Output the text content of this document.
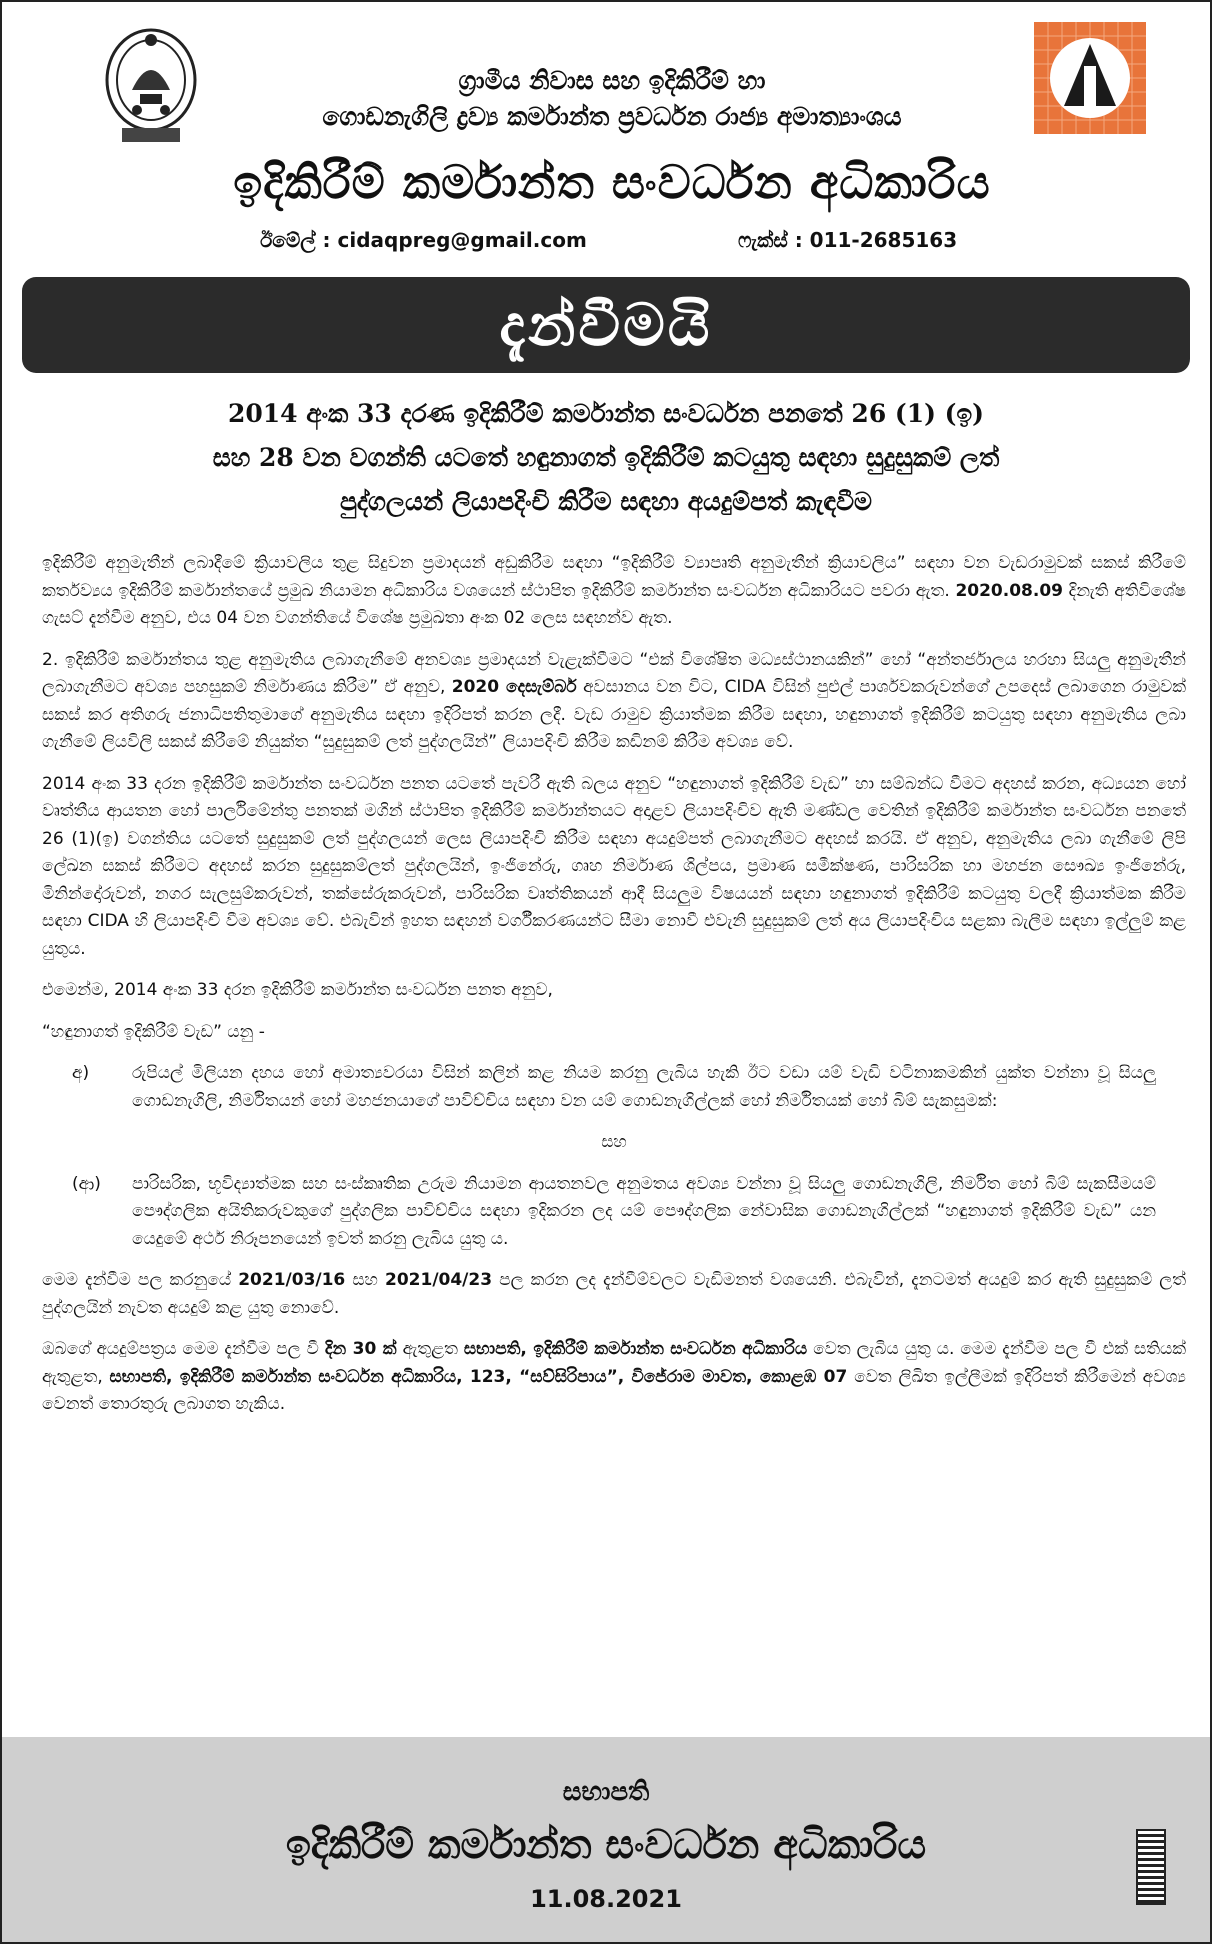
ග්‍රාමීය නිවාස සහ ඉදිකිරීම් හා
ගොඩනැගිලි ද්‍රව්‍ය කර්මාන්ත ප්‍රවර්ධන රාජ්‍ය අමාත්‍යාංශය
ඉදිකිරීම් කර්මාන්ත සංවර්ධන අධිකාරිය
ඊමේල් : cidaqpreg@gmail.com	ෆැක්ස් : 011-2685163
දැන්වීමයි
2014 අංක 33 දරණ ඉදිකිරීම් කර්මාන්ත සංවර්ධන පනතේ 26 (1) (ඉ)
සහ 28 වන වගන්ති යටතේ හඳුනාගත් ඉදිකිරීම් කටයුතු සඳහා සුදුසුකම් ලත්
පුද්ගලයන් ලියාපදිංචි කිරීම සඳහා අයදුම්පත් කැඳවීම

ඉදිකිරීම් අනුමැතීන් ලබාදීමේ ක්‍රියාවලිය තුළ සිදුවන ප්‍රමාදයන් අඩුකිරීම සඳහා “ඉදිකිරීම් ව්‍යාපෘති අනුමැතීන් ක්‍රියාවලිය” සඳහා වන වැඩරාමුවක් සකස් කිරීමේ කර්තව්‍යය ඉදිකිරීම් කර්මාන්තයේ ප්‍රමුඛ නියාමන අධිකාරිය වශයෙන් ස්ථාපිත ඉදිකිරීම් කර්මාන්ත සංවර්ධන අධිකාරියට පවරා ඇත. 2020.08.09 දිනැති අතිවිශේෂ ගැසට් දැන්වීම අනුව, එය 04 වන වගන්තියේ විශේෂ ප්‍රමුඛතා අංක 02 ලෙස සඳහන්ව ඇත.

2. ඉදිකිරීම් කර්මාන්තය තුළ අනුමැතිය ලබාගැනීමේ අනවශ්‍ය ප්‍රමාදයන් වැළැක්වීමට “එක් විශේෂිත මධ්‍යස්ථානයකින්” හෝ “අන්තර්ජාලය හරහා සියලු අනුමැතීන් ලබාගැනීමට අවශ්‍ය පහසුකම් නිර්මාණය කිරීම” ඒ අනුව, 2020 දෙසැම්බර් අවසානය වන විට, CIDA විසින් පුළුල් පාර්ශවකරුවන්ගේ උපදෙස් ලබාගෙන රාමුවක් සකස් කර අතිගරු ජනාධිපතිතුමාගේ අනුමැතිය සඳහා ඉදිරිපත් කරන ලදී. වැඩ රාමුව ක්‍රියාත්මක කිරීම සඳහා, හඳුනාගත් ඉදිකිරීම් කටයුතු සඳහා අනුමැතිය ලබා ගැනීමේ ලියවිලි සකස් කිරීමේ නියුක්ත “සුදුසුකම් ලත් පුද්ගලයින්” ලියාපදිංචි කිරීම කඩිනම් කිරීම අවශ්‍ය වේ.

2014 අංක 33 දරන ඉදිකිරීම් කර්මාන්ත සංවර්ධන පනත යටතේ පැවරී ඇති බලය අනුව “හඳුනාගත් ඉදිකිරීම් වැඩ” හා සම්බන්ධ වීමට අදහස් කරන, අධ්‍යයන හෝ වෘත්තීය ආයතන හෝ පාර්ලිමේන්තු පනතක් මගින් ස්ථාපිත ඉදිකිරීම් කර්මාන්තයට අදාළව ලියාපදිංචිව ඇති මණ්ඩල වෙතින් ඉදිකිරීම් කර්මාන්ත සංවර්ධන පනතේ 26 (1)(ඉ) වගන්තිය යටතේ සුදුසුකම් ලත් පුද්ගලයන් ලෙස ලියාපදිංචි කිරීම සඳහා අයදුම්පත් ලබාගැනීමට අදහස් කරයි. ඒ අනුව, අනුමැතිය ලබා ගැනීමේ ලිපි ලේඛන සකස් කිරීමට අදහස් කරන සුදුසුකම්ලත් පුද්ගලයින්, ඉංජිනේරු, ගෘහ නිර්මාණ ශිල්පය, ප්‍රමාණ සමීක්ෂණ, පාරිසරික හා මහජන සෞඛ්‍ය ඉංජිනේරු, මිනින්දෝරුවන්, නගර සැලසුම්කරුවන්, තක්සේරුකරුවන්, පාරිසරික වෘත්තිකයන් ආදී සියලුම විෂයයන් සඳහා හඳුනාගත් ඉදිකිරීම් කටයුතු වලදී ක්‍රියාත්මක කිරීම සඳහා CIDA හි ලියාපදිංචි වීම අවශ්‍ය වේ. එබැවින් ඉහත සඳහන් වර්ගීකරණයන්ට සීමා නොවී එවැනි සුදුසුකම් ලත් අය ලියාපදිංචිය සළකා බැලීම සඳහා ඉල්ලුම් කළ යුතුය.

එමෙන්ම, 2014 අංක 33 දරන ඉදිකිරීම් කර්මාන්ත සංවර්ධන පනත අනුව,

“හඳුනාගත් ඉදිකිරීම් වැඩ” යනු -

අ)	රුපියල් මිලියන දහය හෝ අමාත්‍යවරයා විසින් කලින් කළ නියම කරනු ලැබිය හැකි ඊට වඩා යම් වැඩි වටිනාකමකින් යුක්ත වන්නා වූ සියලු ගොඩනැගිලි, නිර්මිතයන් හෝ මහජනයාගේ පාවිච්චිය සඳහා වන යම් ගොඩනැගිල්ලක් හෝ නිර්මිතයක් හෝ බිම් සැකසුමක්:
සහ
(ආ)	පාරිසරික, භූවිද්‍යාත්මක සහ සංස්කෘතික උරුම නියාමන ආයතනවල අනුමතය අවශ්‍ය වන්නා වූ සියලු ගොඩනැගිලි, නිර්මිත හෝ බිම් සැකසීමයම් පෞද්ගලික අයිතිකරුවකුගේ පුද්ගලික පාවිච්චිය සඳහා ඉදිකරන ලද යම් පෞද්ගලික නේවාසික ගොඩනැගිල්ලක් “හඳුනාගත් ඉදිකිරීම් වැඩ” යන යෙදුමේ අර්ථ නිරූපනයෙන් ඉවත් කරනු ලැබිය යුතු ය.

මෙම දැන්වීම පල කරනුයේ 2021/03/16 සහ 2021/04/23 පල කරන ලද දැන්වීම්වලට වැඩිමනත් වශයෙනි. එබැවින්, දැනටමත් අයදුම් කර ඇති සුදුසුකම් ලත් පුද්ගලයින් නැවත අයදුම් කළ යුතු නොවේ.

ඔබගේ අයදුම්පත්‍රය මෙම දැන්වීම පල වී දින 30 ක් ඇතුළත සභාපති, ඉදිකිරීම් කර්මාන්ත සංවර්ධන අධිකාරිය වෙත ලැබිය යුතු ය. මෙම දැන්වීම පල වී එක් සතියක් ඇතුළත, සභාපති, ඉදිකිරීම් කර්මාන්ත සංවර්ධන අධිකාරිය, 123, “සව්සිරිපාය”, විජේරාම මාවත, කොළඹ 07 වෙත ලිඛිත ඉල්ලීමක් ඉදිරිපත් කිරීමෙන් අවශ්‍ය වෙනත් තොරතුරු ලබාගත හැකිය.

සභාපති
ඉදිකිරීම් කර්මාන්ත සංවර්ධන අධිකාරිය
11.08.2021
